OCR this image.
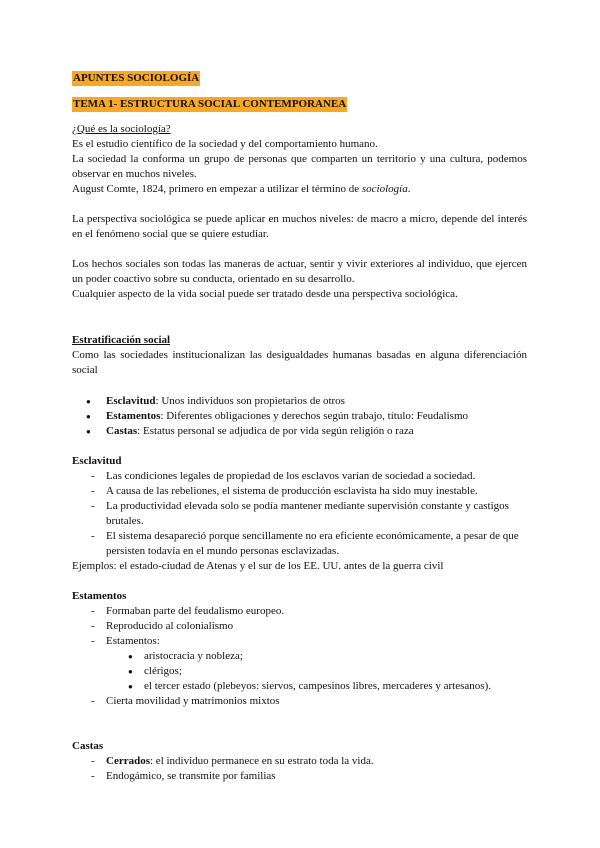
APUNTES SOCIOLOGÍA
TEMA 1- ESTRUCTURA SOCIAL CONTEMPORANEA

¿Qué es la sociología?

Es el estudio científico de la sociedad y del comportamiento humano.

La sociedad la conforma un grupo de personas que comparten un territorio y una cultura, podemos observar en muchos niveles.

August Comte, 1824, primero en empezar a utilizar el término de sociología.

La perspectiva sociológica se puede aplicar en muchos niveles: de macro a micro, depende del interés en el fenómeno social que se quiere estudiar.

Los hechos sociales son todas las maneras de actuar, sentir y vivir exteriores al individuo, que ejercen un poder coactivo sobre su conducta, orientado en su desarrollo.

Cualquier aspecto de la vida social puede ser tratado desde una perspectiva sociológica.

Estratificación social

Como las sociedades institucionalizan las desigualdades humanas basadas en alguna diferenciación social

● Esclavitud: Unos individuos son propietarios de otros
● Estamentos: Diferentes obligaciones y derechos según trabajo, título: Feudalismo
● Castas: Estatus personal se adjudica de por vida según religión o raza

Esclavitud

- Las condiciones legales de propiedad de los esclavos varían de sociedad a sociedad.
- A causa de las rebeliones, el sistema de producción esclavista ha sido muy inestable.
- La productividad elevada solo se podía mantener mediante supervisión constante y castigos brutales.
- El sistema desapareció porque sencillamente no era eficiente económicamente, a pesar de que persisten todavía en el mundo personas esclavizadas.

Ejemplos: el estado-ciudad de Atenas y el sur de los EE. UU. antes de la guerra civil

Estamentos

- Formaban parte del feudalismo europeo.
- Reproducido al colonialismo
- Estamentos:
● aristocracia y nobleza;
● clérigos;
● el tercer estado (plebeyos: siervos, campesinos libres, mercaderes y artesanos).
- Cierta movilidad y matrimonios mixtos

Castas

- Cerrados: el individuo permanece en su estrato toda la vida.
- Endogámico, se transmite por familias
